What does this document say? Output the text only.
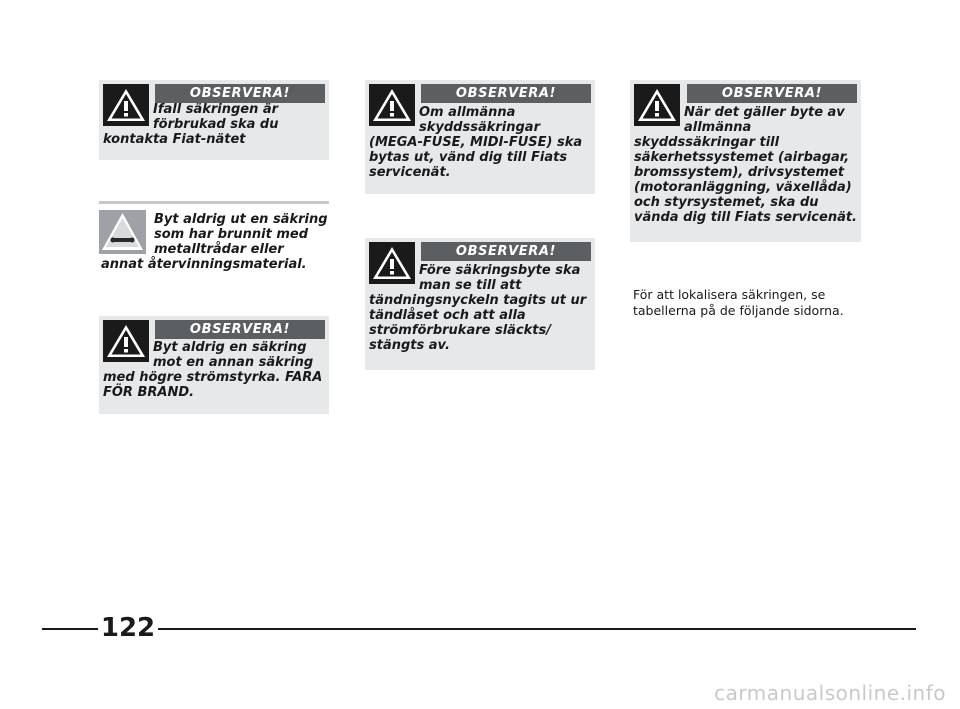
OBSERVERA!

Ifall säkringen är förbrukad ska du kontakta Fiat-nätet

Byt aldrig ut en säkring som har brunnit med metalltrådar eller annat återvinningsmaterial.

OBSERVERA!

Byt aldrig en säkring mot en annan säkring med högre strömstyrka. FARA FÖR BRAND.

OBSERVERA!

Om allmänna skyddssäkringar (MEGA-FUSE, MIDI-FUSE) ska bytas ut, vänd dig till Fiats servicenät.

OBSERVERA!

Före säkringsbyte ska man se till att tändningsnyckeln tagits ut ur tändlåset och att alla strömförbrukare släckts/ stängts av.

OBSERVERA!

När det gäller byte av allmänna skyddssäkringar till säkerhetssystemet (airbagar, bromssystem), drivsystemet (motoranläggning, växellåda) och styrsystemet, ska du vända dig till Fiats servicenät.

För att lokalisera säkringen, se tabellerna på de följande sidorna.

122
carmanualsonline.info
